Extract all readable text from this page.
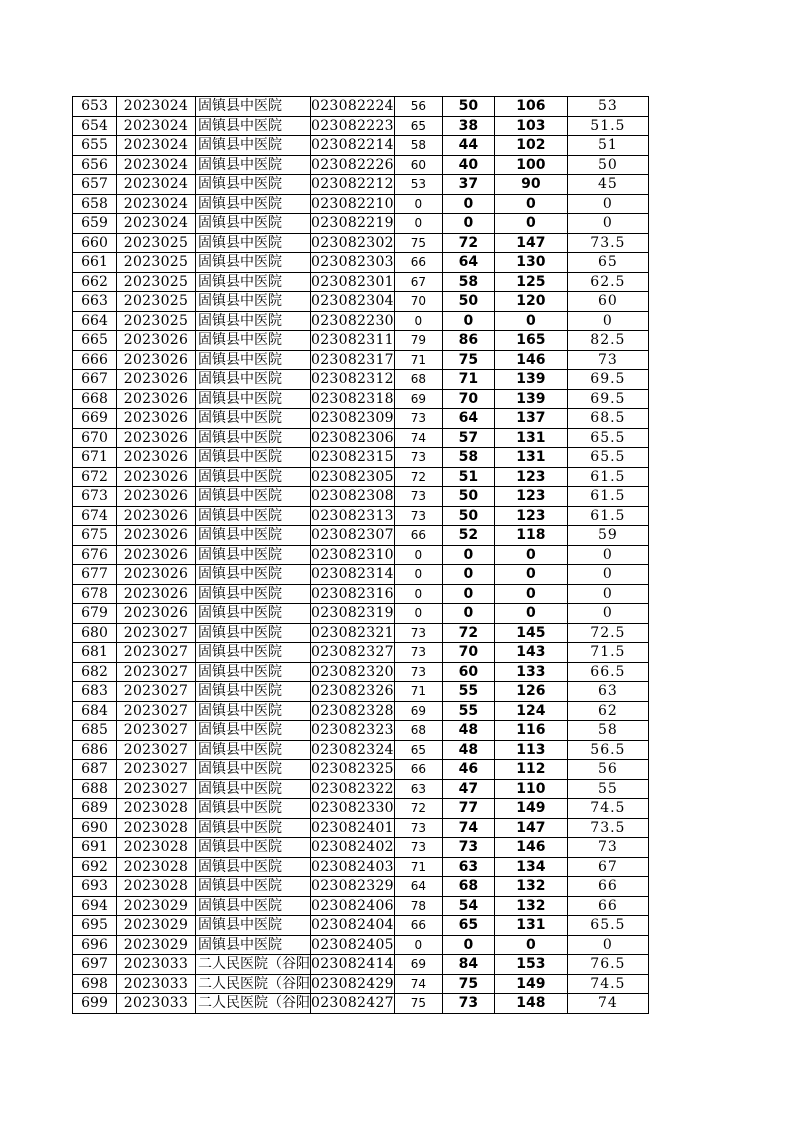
653	2023024	固镇县中医院	023082224	56	50	106	53
654	2023024	固镇县中医院	023082223	65	38	103	51.5
655	2023024	固镇县中医院	023082214	58	44	102	51
656	2023024	固镇县中医院	023082226	60	40	100	50
657	2023024	固镇县中医院	023082212	53	37	90	45
658	2023024	固镇县中医院	023082210	0	0	0	0
659	2023024	固镇县中医院	023082219	0	0	0	0
660	2023025	固镇县中医院	023082302	75	72	147	73.5
661	2023025	固镇县中医院	023082303	66	64	130	65
662	2023025	固镇县中医院	023082301	67	58	125	62.5
663	2023025	固镇县中医院	023082304	70	50	120	60
664	2023025	固镇县中医院	023082230	0	0	0	0
665	2023026	固镇县中医院	023082311	79	86	165	82.5
666	2023026	固镇县中医院	023082317	71	75	146	73
667	2023026	固镇县中医院	023082312	68	71	139	69.5
668	2023026	固镇县中医院	023082318	69	70	139	69.5
669	2023026	固镇县中医院	023082309	73	64	137	68.5
670	2023026	固镇县中医院	023082306	74	57	131	65.5
671	2023026	固镇县中医院	023082315	73	58	131	65.5
672	2023026	固镇县中医院	023082305	72	51	123	61.5
673	2023026	固镇县中医院	023082308	73	50	123	61.5
674	2023026	固镇县中医院	023082313	73	50	123	61.5
675	2023026	固镇县中医院	023082307	66	52	118	59
676	2023026	固镇县中医院	023082310	0	0	0	0
677	2023026	固镇县中医院	023082314	0	0	0	0
678	2023026	固镇县中医院	023082316	0	0	0	0
679	2023026	固镇县中医院	023082319	0	0	0	0
680	2023027	固镇县中医院	023082321	73	72	145	72.5
681	2023027	固镇县中医院	023082327	73	70	143	71.5
682	2023027	固镇县中医院	023082320	73	60	133	66.5
683	2023027	固镇县中医院	023082326	71	55	126	63
684	2023027	固镇县中医院	023082328	69	55	124	62
685	2023027	固镇县中医院	023082323	68	48	116	58
686	2023027	固镇县中医院	023082324	65	48	113	56.5
687	2023027	固镇县中医院	023082325	66	46	112	56
688	2023027	固镇县中医院	023082322	63	47	110	55
689	2023028	固镇县中医院	023082330	72	77	149	74.5
690	2023028	固镇县中医院	023082401	73	74	147	73.5
691	2023028	固镇县中医院	023082402	73	73	146	73
692	2023028	固镇县中医院	023082403	71	63	134	67
693	2023028	固镇县中医院	023082329	64	68	132	66
694	2023029	固镇县中医院	023082406	78	54	132	66
695	2023029	固镇县中医院	023082404	66	65	131	65.5
696	2023029	固镇县中医院	023082405	0	0	0	0
697	2023033	二人民医院（谷阳	023082414	69	84	153	76.5
698	2023033	二人民医院（谷阳	023082429	74	75	149	74.5
699	2023033	二人民医院（谷阳	023082427	75	73	148	74
